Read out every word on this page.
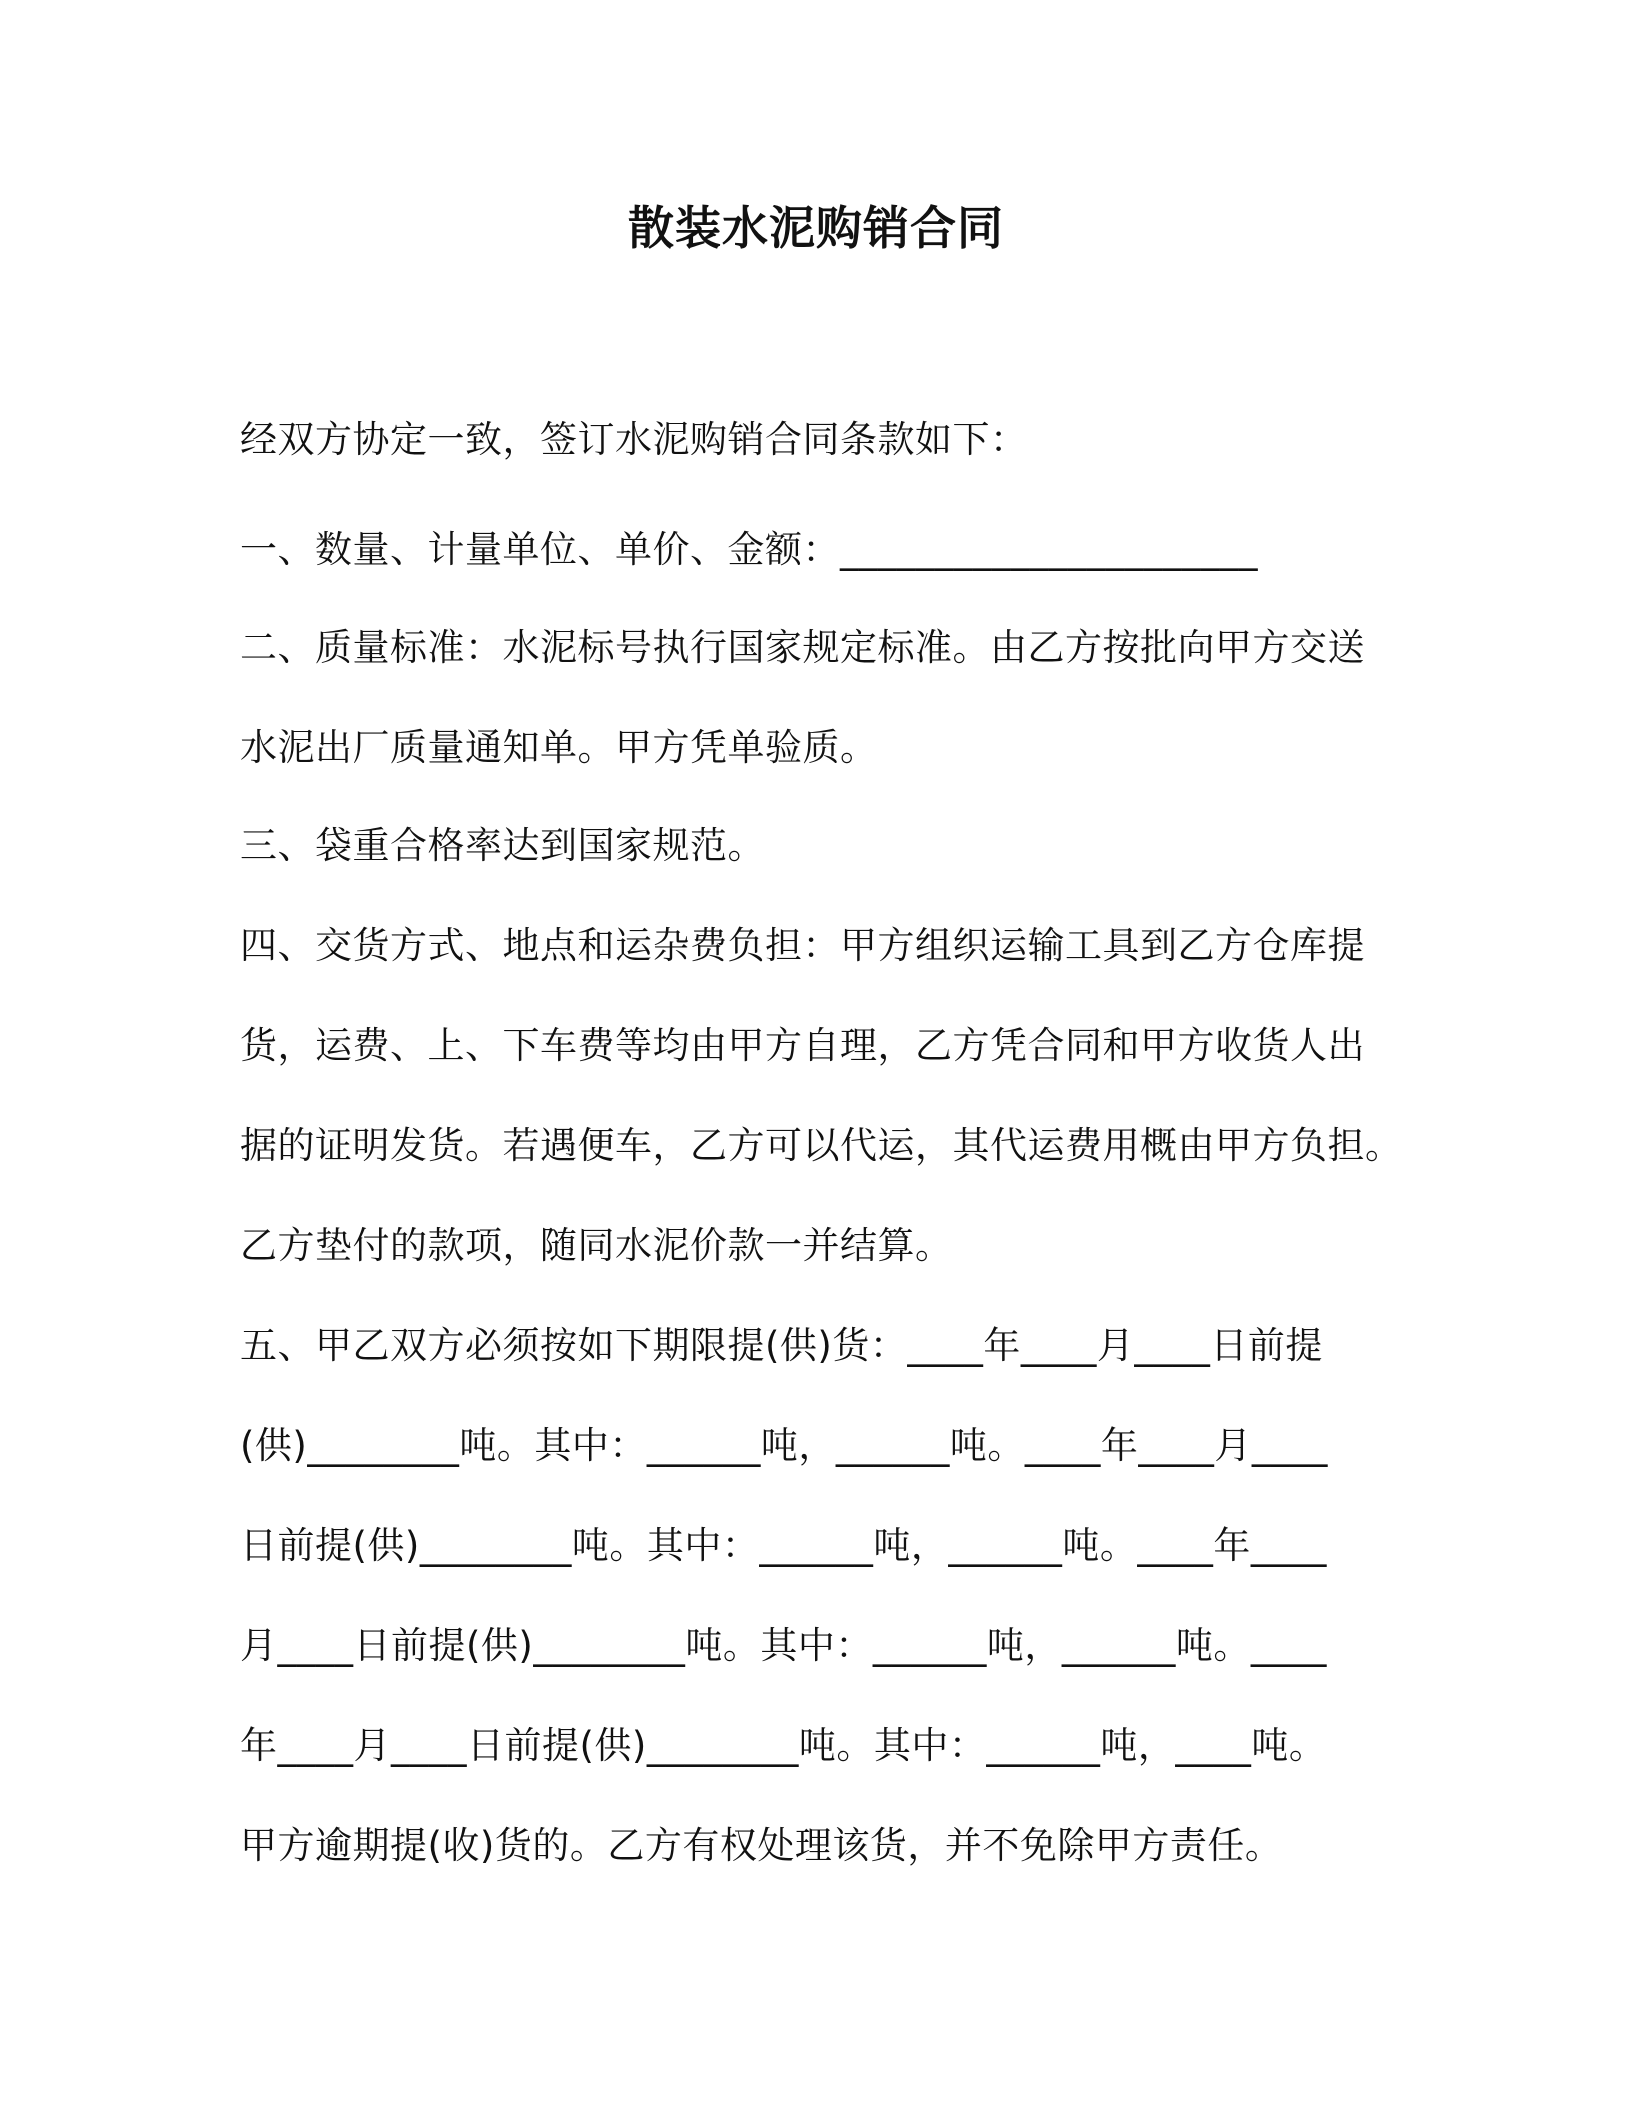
散装水泥购销合同
经双方协定一致，签订水泥购销合同条款如下：
一、数量、计量单位、单价、金额：______________________
二、质量标准：水泥标号执行国家规定标准。由乙方按批向甲方交送
水泥出厂质量通知单。甲方凭单验质。
三、袋重合格率达到国家规范。
四、交货方式、地点和运杂费负担：甲方组织运输工具到乙方仓库提
货，运费、上、下车费等均由甲方自理，乙方凭合同和甲方收货人出
据的证明发货。若遇便车，乙方可以代运，其代运费用概由甲方负担。
乙方垫付的款项，随同水泥价款一并结算。
五、甲乙双方必须按如下期限提(供)货：____年____月____日前提
(供)________吨。其中：______吨，______吨。____年____月____
日前提(供)________吨。其中：______吨，______吨。____年____
月____日前提(供)________吨。其中：______吨，______吨。____
年____月____日前提(供)________吨。其中：______吨，____吨。
甲方逾期提(收)货的。乙方有权处理该货，并不免除甲方责任。
